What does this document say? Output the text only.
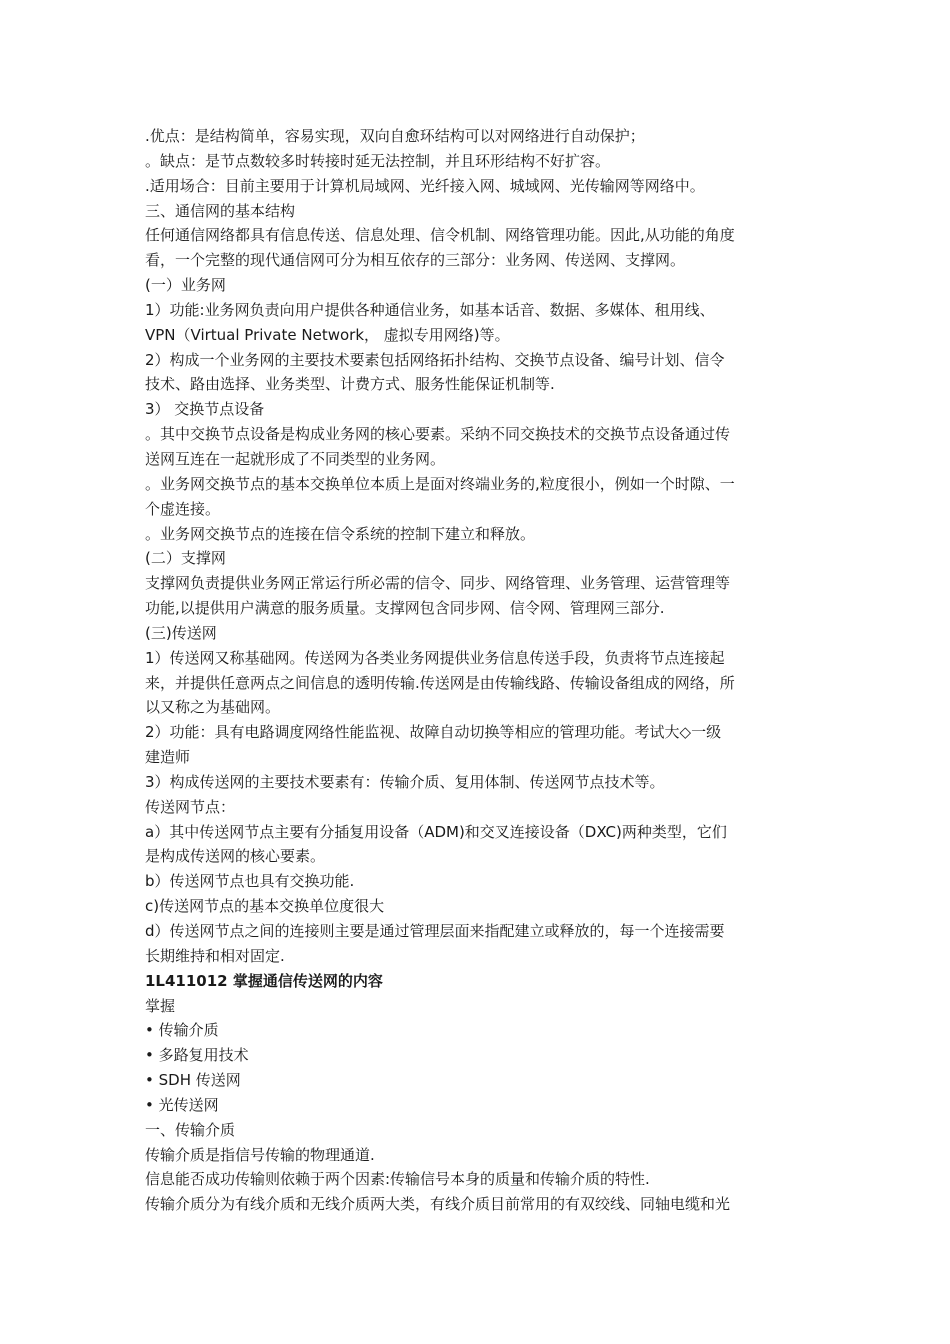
.优点：是结构简单，容易实现，双向自愈环结构可以对网络进行自动保护；

。缺点：是节点数较多时转接时延无法控制，并且环形结构不好扩容。

.适用场合：目前主要用于计算机局域网、光纤接入网、城域网、光传输网等网络中。

三、通信网的基本结构

任何通信网络都具有信息传送、信息处理、信令机制、网络管理功能。因此,从功能的角度

看，一个完整的现代通信网可分为相互依存的三部分：业务网、传送网、支撑网。

(一）业务网

1）功能:业务网负责向用户提供各种通信业务，如基本话音、数据、多媒体、租用线、

VPN（Virtual Private Network， 虚拟专用网络)等。

2）构成一个业务网的主要技术要素包括网络拓扑结构、交换节点设备、编号计划、信令

技术、路由选择、业务类型、计费方式、服务性能保证机制等.

3） 交换节点设备

。其中交换节点设备是构成业务网的核心要素。采纳不同交换技术的交换节点设备通过传

送网互连在一起就形成了不同类型的业务网。

。业务网交换节点的基本交换单位本质上是面对终端业务的,粒度很小，例如一个时隙、一

个虚连接。

。业务网交换节点的连接在信令系统的控制下建立和释放。

(二）支撑网

支撑网负责提供业务网正常运行所必需的信令、同步、网络管理、业务管理、运营管理等

功能,以提供用户满意的服务质量。支撑网包含同步网、信令网、管理网三部分.

(三)传送网

1）传送网又称基础网。传送网为各类业务网提供业务信息传送手段，负责将节点连接起

来，并提供任意两点之间信息的透明传输.传送网是由传输线路、传输设备组成的网络，所

以又称之为基础网。

2）功能：具有电路调度网络性能监视、故障自动切换等相应的管理功能。考试大◇一级

建造师

3）构成传送网的主要技术要素有：传输介质、复用体制、传送网节点技术等。

传送网节点：

a）其中传送网节点主要有分插复用设备（ADM)和交叉连接设备（DXC)两种类型，它们

是构成传送网的核心要素。

b）传送网节点也具有交换功能.

c)传送网节点的基本交换单位度很大

d）传送网节点之间的连接则主要是通过管理层面来指配建立或释放的，每一个连接需要

长期维持和相对固定.

1L411012 掌握通信传送网的内容

掌握

• 传输介质

• 多路复用技术

• SDH 传送网

• 光传送网

一、传输介质

传输介质是指信号传输的物理通道.

信息能否成功传输则依赖于两个因素:传输信号本身的质量和传输介质的特性.

传输介质分为有线介质和无线介质两大类，有线介质目前常用的有双绞线、同轴电缆和光
